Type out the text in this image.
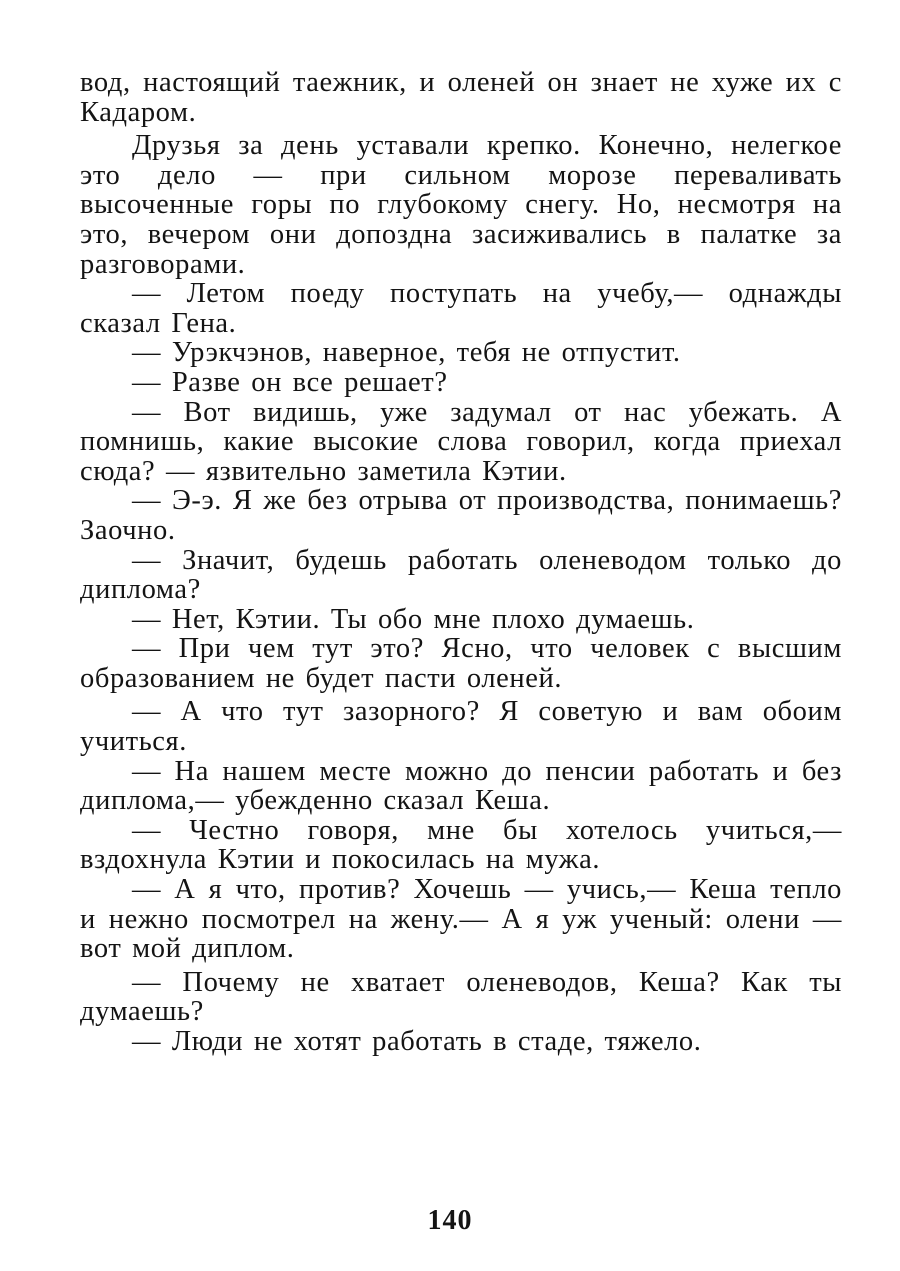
вод, настоящий таежник, и оленей он знает не хуже их с Кадаром.

Друзья за день уставали крепко. Конечно, нелегкое это дело — при сильном морозе переваливать высоченные горы по глубокому снегу. Но, несмотря на это, вечером они допоздна засиживались в палатке за разговорами.

— Летом поеду поступать на учебу,— однажды сказал Гена.

— Урэкчэнов, наверное, тебя не отпустит.

— Разве он все решает?

— Вот видишь, уже задумал от нас убежать. А помнишь, какие высокие слова говорил, когда приехал сюда? — язвительно заметила Кэтии.

— Э-э. Я же без отрыва от производства, понимаешь? Заочно.

— Значит, будешь работать оленеводом только до диплома?

— Нет, Кэтии. Ты обо мне плохо думаешь.

— При чем тут это? Ясно, что человек с высшим образованием не будет пасти оленей.

— А что тут зазорного? Я советую и вам обоим учиться.

— На нашем месте можно до пенсии работать и без диплома,— убежденно сказал Кеша.

— Честно говоря, мне бы хотелось учиться,— вздохнула Кэтии и покосилась на мужа.

— А я что, против? Хочешь — учись,— Кеша тепло и нежно посмотрел на жену.— А я уж ученый: олени — вот мой диплом.

— Почему не хватает оленеводов, Кеша? Как ты думаешь?

— Люди не хотят работать в стаде, тяжело.

140
